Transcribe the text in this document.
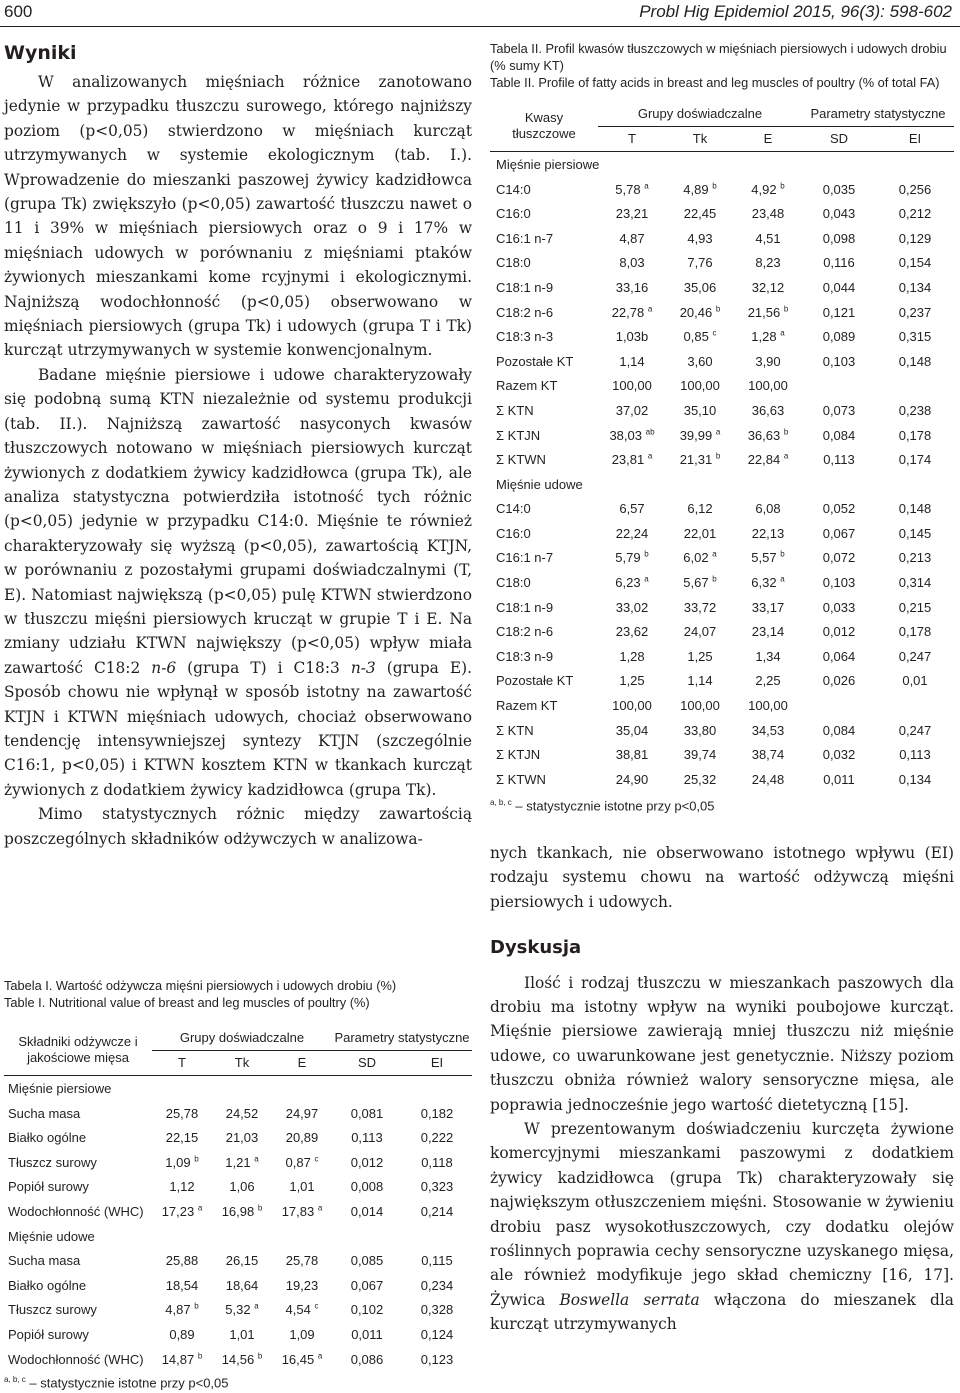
600	Probl Hig Epidemiol 2015, 96(3): 598-602
Wyniki

W analizowanych mięśniach różnice zanotowano jedynie w przypadku tłuszczu surowego, którego najniższy poziom (p<0,05) stwierdzono w mięśniach kurcząt utrzymywanych w systemie ekologicznym (tab. I.). Wprowadzenie do mieszanki paszowej żywicy kadzidłowca (grupa Tk) zwiększyło (p<0,05) zawartość tłuszczu nawet o 11 i 39% w mięśniach piersiowych oraz o 9 i 17% w mięśniach udowych w porównaniu z mięśniami ptaków żywionych mieszankami kome rcyjnymi i ekologicznymi. Najniższą wodochłonność (p<0,05) obserwowano w mięśniach piersiowych (grupa Tk) i udowych (grupa T i Tk) kurcząt utrzymywanych w systemie konwencjonalnym.

Badane mięśnie piersiowe i udowe charakteryzowały się podobną sumą KTN niezależnie od systemu produkcji (tab. II.). Najniższą zawartość nasyconych kwasów tłuszczowych notowano w mięśniach piersiowych kurcząt żywionych z dodatkiem żywicy kadzidłowca (grupa Tk), ale analiza statystyczna potwierdziła istotność tych różnic (p<0,05) jedynie w przypadku C14:0. Mięśnie te również charakteryzowały się wyższą (p<0,05), zawartością KTJN, w porównaniu z pozostałymi grupami doświadczalnymi (T, E). Natomiast największą (p<0,05) pulę KTWN stwierdzono w tłuszczu mięśni piersiowych krucząt w grupie T i E. Na zmiany udziału KTWN największy (p<0,05) wpływ miała zawartość C18:2 n-6 (grupa T) i C18:3 n-3 (grupa E). Sposób chowu nie wpłynął w sposób istotny na zawartość KTJN i KTWN mięśniach udowych, chociaż obserwowano tendencję intensywniejszej syntezy KTJN (szczególnie C16:1, p<0,05) i KTWN kosztem KTN w tkankach kurcząt żywionych z dodatkiem żywicy kadzidłowca (grupa Tk).

Mimo statystycznych różnic między zawartością poszczególnych składników odżywczych w analizowa-

Tabela I. Wartość odżywcza mięśni piersiowych i udowych drobiu (%)
Table I. Nutritional value of breast and leg muscles of poultry (%)
Składniki odżywcze i jakościowe mięsa	Grupy doświadczalne			Parametry statystyczne	
	T	Tk	E	SD	EI
Mięśnie piersiowe					
Sucha masa	25,78	24,52	24,97	0,081	0,182
Białko ogólne	22,15	21,03	20,89	0,113	0,222
Tłuszcz surowy	1,09 $^b$	1,21 $^a$	0,87 $^c$	0,012	0,118
Popiół surowy	1,12	1,06	1,01	0,008	0,323
Wodochłonność (WHC)	17,23 $^a$	16,98 $^b$	17,83 $^a$	0,014	0,214
Mięśnie udowe					
Sucha masa	25,88	26,15	25,78	0,085	0,115
Białko ogólne	18,54	18,64	19,23	0,067	0,234
Tłuszcz surowy	4,87 $^b$	5,32 $^a$	4,54 $^c$	0,102	0,328
Popiół surowy	0,89	1,01	1,09	0,011	0,124
Wodochłonność (WHC)	14,87 $^b$	14,56 $^b$	16,45 $^a$	0,086	0,123
$^{a, b, c}$ – statystycznie istotne przy p<0,05
Tabela II. Profil kwasów tłuszczowych w mięśniach piersiowych i udowych drobiu (% sumy KT)
Table II. Profile of fatty acids in breast and leg muscles of poultry (% of total FA)
Kwasy tłuszczowe	Grupy doświadczalne			Parametry statystyczne	
	T	Tk	E	SD	EI
Mięśnie piersiowe					
C14:0	5,78 $^a$	4,89 $^b$	4,92 $^b$	0,035	0,256
C16:0	23,21	22,45	23,48	0,043	0,212
C16:1 n-7	4,87	4,93	4,51	0,098	0,129
C18:0	8,03	7,76	8,23	0,116	0,154
C18:1 n-9	33,16	35,06	32,12	0,044	0,134
C18:2 n-6	22,78 $^a$	20,46 $^b$	21,56 $^b$	0,121	0,237
C18:3 n-3	1,03b	0,85 $^c$	1,28 $^a$	0,089	0,315
Pozostałe KT	1,14	3,60	3,90	0,103	0,148
Razem KT	100,00	100,00	100,00		
Σ KTN	37,02	35,10	36,63	0,073	0,238
Σ KTJN	38,03 $^{ab}$	39,99 $^a$	36,63 $^b$	0,084	0,178
Σ KTWN	23,81 $^a$	21,31 $^b$	22,84 $^a$	0,113	0,174
Mięśnie udowe					
C14:0	6,57	6,12	6,08	0,052	0,148
C16:0	22,24	22,01	22,13	0,067	0,145
C16:1 n-7	5,79 $^b$	6,02 $^a$	5,57 $^b$	0,072	0,213
C18:0	6,23 $^a$	5,67 $^b$	6,32 $^a$	0,103	0,314
C18:1 n-9	33,02	33,72	33,17	0,033	0,215
C18:2 n-6	23,62	24,07	23,14	0,012	0,178
C18:3 n-9	1,28	1,25	1,34	0,064	0,247
Pozostałe KT	1,25	1,14	2,25	0,026	0,01
Razem KT	100,00	100,00	100,00		
Σ KTN	35,04	33,80	34,53	0,084	0,247
Σ KTJN	38,81	39,74	38,74	0,032	0,113
Σ KTWN	24,90	25,32	24,48	0,011	0,134
$^{a, b, c}$ – statystycznie istotne przy p<0,05

nych tkankach, nie obserwowano istotnego wpływu (EI) rodzaju systemu chowu na wartość odżywczą mięśni piersiowych i udowych.

Dyskusja

Ilość i rodzaj tłuszczu w mieszankach paszowych dla drobiu ma istotny wpływ na wyniki poubojowe kurcząt. Mięśnie piersiowe zawierają mniej tłuszczu niż mięśnie udowe, co uwarunkowane jest genetycznie. Niższy poziom tłuszczu obniża również walory sensoryczne mięsa, ale poprawia jednocześnie jego wartość dietetyczną [15].

W prezentowanym doświadczeniu kurczęta żywione komercyjnymi mieszankami paszowymi z dodatkiem żywicy kadzidłowca (grupa Tk) charakteryzowały się największym otłuszczeniem mięśni. Stosowanie w żywieniu drobiu pasz wysokotłuszczowych, czy dodatku olejów roślinnych poprawia cechy sensoryczne uzyskanego mięsa, ale również modyfikuje jego skład chemiczny [16, 17]. Żywica Boswella serrata włączona do mieszanek dla kurcząt utrzymywanych
